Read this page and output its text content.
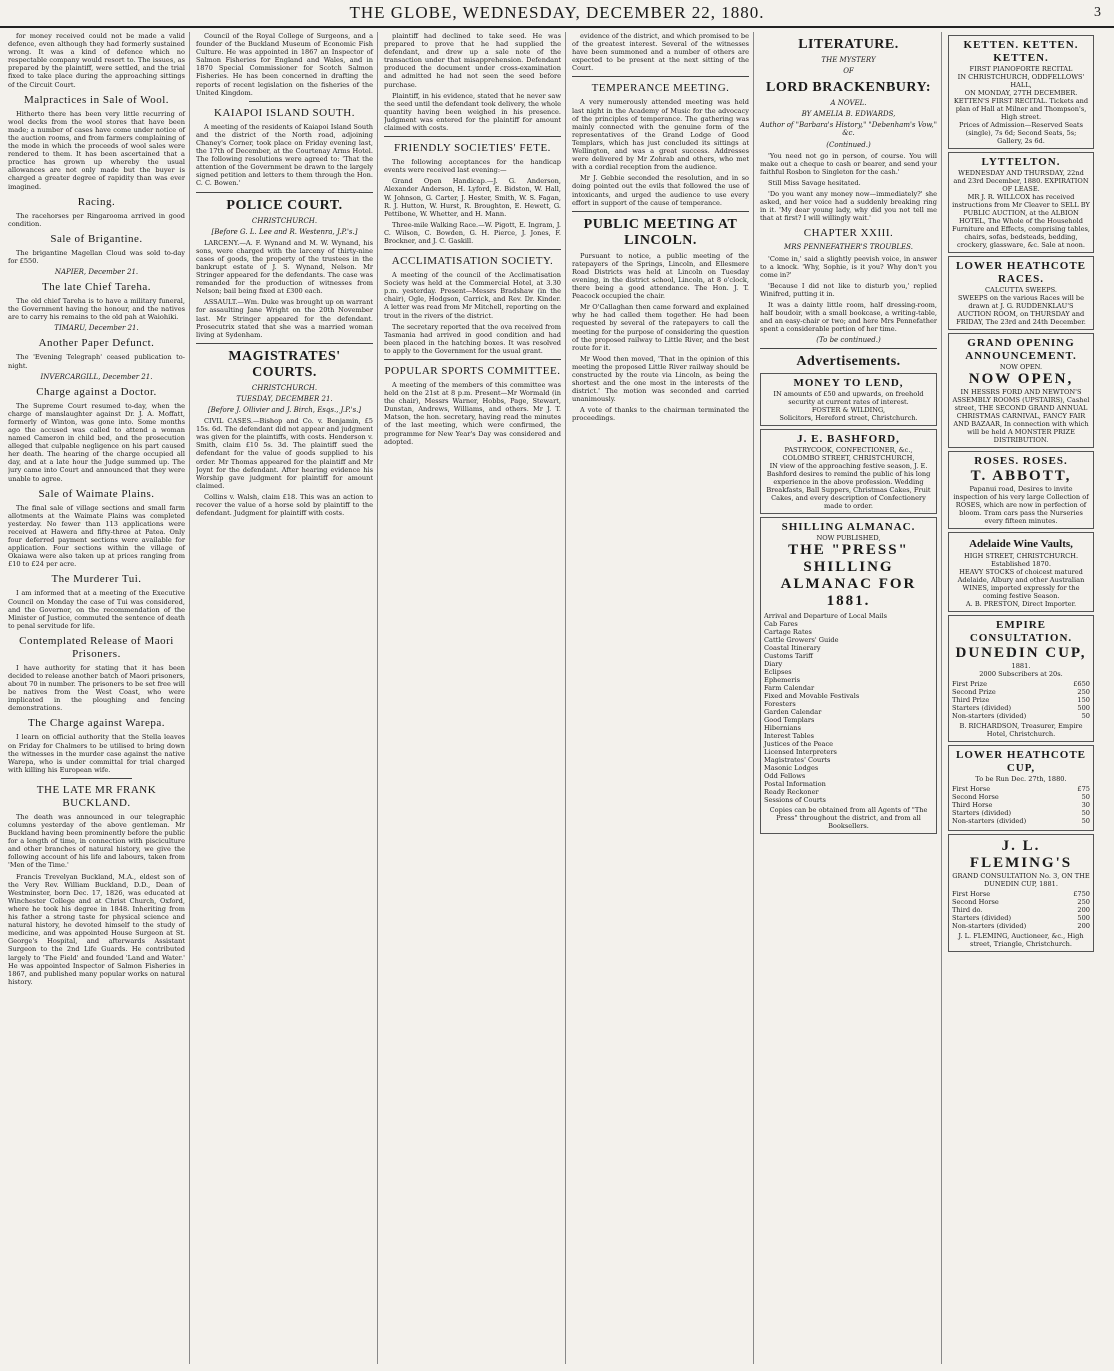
THE GLOBE, WEDNESDAY, DECEMBER 22, 1880.	3

for money received could not be made a valid defence, even although they had formerly sustained wrong. It was a kind of defence which no respectable company would resort to. The issues, as prepared by the plaintiff, were settled, and the trial fixed to take place during the approaching sittings of the Circuit Court.

Malpractices in Sale of Wool.

Hitherto there has been very little recurring of wool decks from the wool stores that have been made; a number of cases have come under notice of the auction rooms, and from farmers complaining of the mode in which the proceeds of wool sales were rendered to them. It has been ascertained that a practice has grown up whereby the usual allowances are not only made but the buyer is charged a greater degree of rapidity than was ever imagined.

Racing.

The racehorses per Ringarooma arrived in good condition.

Sale of Brigantine.

The brigantine Magellan Cloud was sold to-day for £550.

NAPIER, December 21.
The late Chief Tareha.

The old chief Tareha is to have a military funeral, the Government having the honour, and the natives are to carry his remains to the old pah at Waiohiki.

TIMARU, December 21.
Another Paper Defunct.

The 'Evening Telegraph' ceased publication to-night.

INVERCARGILL, December 21.
Charge against a Doctor.

The Supreme Court resumed to-day, when the charge of manslaughter against Dr. J. A. Moffatt, formerly of Winton, was gone into. Some months ago the accused was called to attend a woman named Cameron in child bed, and the prosecution alleged that culpable negligence on his part caused her death. The hearing of the charge occupied all day, and at a late hour the Judge summed up. The jury came into Court and announced that they were unable to agree.

Sale of Waimate Plains.

The final sale of village sections and small farm allotments at the Waimate Plains was completed yesterday. No fewer than 113 applications were received at Hawera and fifty-three at Patea. Only four deferred payment sections were available for application. Four sections within the village of Okaiawa were also taken up at prices ranging from £10 to £24 per acre.

The Murderer Tui.

I am informed that at a meeting of the Executive Council on Monday the case of Tui was considered, and the Governor, on the recommendation of the Minister of Justice, commuted the sentence of death to penal servitude for life.

Contemplated Release of Maori Prisoners.

I have authority for stating that it has been decided to release another batch of Maori prisoners, about 70 in number. The prisoners to be set free will be natives from the West Coast, who were implicated in the ploughing and fencing demonstrations.

The Charge against Warepa.

I learn on official authority that the Stella leaves on Friday for Chalmers to be utilised to bring down the witnesses in the murder case against the native Warepa, who is under committal for trial charged with killing his European wife.

THE LATE MR FRANK BUCKLAND.

The death was announced in our telegraphic columns yesterday of the above gentleman. Mr Buckland having been prominently before the public for a length of time, in connection with pisciculture and other branches of natural history, we give the following account of his life and labours, taken from 'Men of the Time.'

Francis Trevelyan Buckland, M.A., eldest son of the Very Rev. William Buckland, D.D., Dean of Westminster, born Dec. 17, 1826, was educated at Winchester College and at Christ Church, Oxford, where he took his degree in 1848. Inheriting from his father a strong taste for physical science and natural history, he devoted himself to the study of medicine, and was appointed House Surgeon at St. George's Hospital, and afterwards Assistant Surgeon to the 2nd Life Guards. He contributed largely to 'The Field' and founded 'Land and Water.' He was appointed Inspector of Salmon Fisheries in 1867, and published many popular works on natural history.

Council of the Royal College of Surgeons, and a founder of the Buckland Museum of Economic Fish Culture. He was appointed in 1867 an Inspector of Salmon Fisheries for England and Wales, and in 1870 Special Commissioner for Scotch Salmon Fisheries. He has been concerned in drafting the reports of recent legislation on the fisheries of the United Kingdom.

KAIAPOI ISLAND SOUTH.

A meeting of the residents of Kaiapoi Island South and the district of the North road, adjoining Chaney's Corner, took place on Friday evening last, the 17th of December, at the Courtenay Arms Hotel. The following resolutions were agreed to: 'That the attention of the Government be drawn to the largely signed petition and letters to them through the Hon. C. C. Bowen.'

POLICE COURT.
CHRISTCHURCH.
[Before G. L. Lee and R. Westenra, J.P.'s.]

LARCENY.—A. F. Wynand and M. W. Wynand, his sons, were charged with the larceny of thirty-nine cases of goods, the property of the trustees in the bankrupt estate of J. S. Wynand, Nelson. Mr Stringer appeared for the defendants. The case was remanded for the production of witnesses from Nelson; bail being fixed at £300 each.

ASSAULT.—Wm. Duke was brought up on warrant for assaulting Jane Wright on the 20th November last. Mr Stringer appeared for the defendant. Prosecutrix stated that she was a married woman living at Sydenham.

MAGISTRATES' COURTS.
CHRISTCHURCH.
TUESDAY, DECEMBER 21.
[Before J. Ollivier and J. Birch, Esqs., J.P.'s.]

CIVIL CASES.—Bishop and Co. v. Benjamin, £5 15s. 6d. The defendant did not appear and judgment was given for the plaintiffs, with costs. Henderson v. Smith, claim £10 5s. 3d. The plaintiff sued the defendant for the value of goods supplied to his order. Mr Thomas appeared for the plaintiff and Mr Joynt for the defendant. After hearing evidence his Worship gave judgment for plaintiff for amount claimed.

Collins v. Walsh, claim £18. This was an action to recover the value of a horse sold by plaintiff to the defendant. Judgment for plaintiff with costs.

plaintiff had declined to take seed. He was prepared to prove that he had supplied the defendant, and drew up a sale note of the transaction under that misapprehension. Defendant produced the document under cross-examination and admitted he had not seen the seed before purchase.

Plaintiff, in his evidence, stated that he never saw the seed until the defendant took delivery, the whole quantity having been weighed in his presence. Judgment was entered for the plaintiff for amount claimed with costs.

FRIENDLY SOCIETIES' FETE.

The following acceptances for the handicap events were received last evening:—

Grand Open Handicap.—J. G. Anderson, Alexander Anderson, H. Lyford, E. Bidston, W. Hall, W. Johnson, G. Carter, J. Hester, Smith, W. S. Fagan, R. J. Hutton, W. Hurst, R. Broughton, E. Hewett, G. Pettibone, W. Whetter, and H. Mann.

Three-mile Walking Race.—W. Pigott, E. Ingram, J. C. Wilson, C. Bowden, G. H. Pierce, J. Jones, F. Brockner, and J. C. Gaskill.

ACCLIMATISATION SOCIETY.

A meeting of the council of the Acclimatisation Society was held at the Commercial Hotel, at 3.30 p.m. yesterday. Present—Messrs Bradshaw (in the chair), Ogle, Hodgson, Carrick, and Rev. Dr. Kinder. A letter was read from Mr Mitchell, reporting on the trout in the rivers of the district.

The secretary reported that the ova received from Tasmania had arrived in good condition and had been placed in the hatching boxes. It was resolved to apply to the Government for the usual grant.

POPULAR SPORTS COMMITTEE.

A meeting of the members of this committee was held on the 21st at 8 p.m. Present—Mr Wormald (in the chair), Messrs Warner, Hobbs, Page, Stewart, Dunstan, Andrews, Williams, and others. Mr J. T. Matson, the hon. secretary, having read the minutes of the last meeting, which were confirmed, the programme for New Year's Day was considered and adopted.

evidence of the district, and which promised to be of the greatest interest. Several of the witnesses have been summoned and a number of others are expected to be present at the next sitting of the Court.

TEMPERANCE MEETING.

A very numerously attended meeting was held last night in the Academy of Music for the advocacy of the principles of temperance. The gathering was mainly connected with the genuine form of the representatives of the Grand Lodge of Good Templars, which has just concluded its sittings at Wellington, and was a great success. Addresses were delivered by Mr Zohrab and others, who met with a cordial reception from the audience.

Mr J. Gebbie seconded the resolution, and in so doing pointed out the evils that followed the use of intoxicants, and urged the audience to use every effort in support of the cause of temperance.

PUBLIC MEETING AT LINCOLN.

Pursuant to notice, a public meeting of the ratepayers of the Springs, Lincoln, and Ellesmere Road Districts was held at Lincoln on Tuesday evening, in the district school, Lincoln, at 8 o'clock, there being a good attendance. The Hon. J. T. Peacock occupied the chair.

Mr O'Callaghan then came forward and explained why he had called them together. He had been requested by several of the ratepayers to call the meeting for the purpose of considering the question of the proposed railway to Little River, and the best route for it.

Mr Wood then moved, 'That in the opinion of this meeting the proposed Little River railway should be constructed by the route via Lincoln, as being the shortest and the one most in the interests of the district.' The motion was seconded and carried unanimously.

A vote of thanks to the chairman terminated the proceedings.

LITERATURE.
THE MYSTERY
OF
LORD BRACKENBURY:
A NOVEL.
BY AMELIA B. EDWARDS,
Author of "Barbara's History," "Debenham's Vow," &c.
(Continued.)

'You need not go in person, of course. You will make out a cheque to cash or bearer, and send your faithful Rosbon to Singleton for the cash.'

Still Miss Savage hesitated.

'Do you want any money now—immediately?' she asked, and her voice had a suddenly breaking ring in it. 'My dear young lady, why did you not tell me that at first? I will willingly wait.'

CHAPTER XXIII.
MRS PENNEFATHER'S TROUBLES.

'Come in,' said a slightly peevish voice, in answer to a knock. 'Why, Sophie, is it you? Why don't you come in?'

'Because I did not like to disturb you,' replied Winifred, putting it in.

It was a dainty little room, half dressing-room, half boudoir, with a small bookcase, a writing-table, and an easy-chair or two; and here Mrs Pennefather spent a considerable portion of her time.

(To be continued.)
Advertisements.
MONEY TO LEND,
IN amounts of £50 and upwards, on freehold security at current rates of interest.
FOSTER & WILDING,
Solicitors, Hereford street, Christchurch.
J. E. BASHFORD,
PASTRYCOOK, CONFECTIONER, &c.,
COLOMBO STREET, CHRISTCHURCH,
IN view of the approaching festive season, J. E. Bashford desires to remind the public of his long experience in the above profession. Wedding Breakfasts, Ball Suppers, Christmas Cakes, Fruit Cakes, and every description of Confectionery made to order.
SHILLING ALMANAC.
NOW PUBLISHED,
THE "PRESS" SHILLING ALMANAC FOR 1881.
Arrival and Departure of Local Mails
Cab Fares
Cartage Rates
Cattle Growers' Guide
Coastal Itinerary
Customs Tariff
Diary
Eclipses
Ephemeris
Farm Calendar
Fixed and Movable Festivals
Foresters
Garden Calendar
Good Templars
Hibernians
Interest Tables
Justices of the Peace
Licensed Interpreters
Magistrates' Courts
Masonic Lodges
Odd Fellows
Postal Information
Ready Reckoner
Sessions of Courts
Copies can be obtained from all Agents of "The Press" throughout the district, and from all Booksellers.
KETTEN. KETTEN. KETTEN.
FIRST PIANOFORTE RECITAL
IN CHRISTCHURCH, ODDFELLOWS' HALL,
ON MONDAY, 27TH DECEMBER.
KETTEN'S FIRST RECITAL. Tickets and plan of Hall at Milner and Thompson's, High street.
Prices of Admission—Reserved Seats (single), 7s 6d; Second Seats, 5s; Gallery, 2s 6d.
LYTTELTON.
WEDNESDAY AND THURSDAY, 22nd and 23rd December, 1880. EXPIRATION OF LEASE.
MR J. R. WILLCOX has received instructions from Mr Cleaver to SELL BY PUBLIC AUCTION, at the ALBION HOTEL, The Whole of the Household Furniture and Effects, comprising tables, chairs, sofas, bedsteads, bedding, crockery, glassware, &c. Sale at noon.
LOWER HEATHCOTE RACES.
CALCUTTA SWEEPS.
SWEEPS on the various Races will be drawn at J. G. RUDDENKLAU'S AUCTION ROOM, on THURSDAY and FRIDAY, The 23rd and 24th December.
GRAND OPENING ANNOUNCEMENT.
NOW OPEN.
NOW OPEN,
IN HESSRS FORD AND NEWTON'S ASSEMBLY ROOMS (UPSTAIRS), Cashel street, THE SECOND GRAND ANNUAL CHRISTMAS CARNIVAL, FANCY FAIR AND BAZAAR, In connection with which will be held A MONSTER PRIZE DISTRIBUTION.
ROSES. ROSES.
T. ABBOTT,
Papanui road, Desires to invite inspection of his very large Collection of ROSES, which are now in perfection of bloom. Tram cars pass the Nurseries every fifteen minutes.
Adelaide Wine Vaults,
HIGH STREET, CHRISTCHURCH.
Established 1870.
HEAVY STOCKS of choicest matured Adelaide, Albury and other Australian WINES, imported expressly for the coming festive Season.
A. B. PRESTON, Direct Importer.
EMPIRE CONSULTATION.
DUNEDIN CUP,
1881.
2000 Subscribers at 20s.
First Prize	£650
Second Prize	250
Third Prize	150
Starters (divided)	500
Non-starters (divided)	50
B. RICHARDSON, Treasurer, Empire Hotel, Christchurch.
LOWER HEATHCOTE CUP,
To be Run Dec. 27th, 1880.
First Horse	£75
Second Horse	50
Third Horse	30
Starters (divided)	50
Non-starters (divided)	50
J. L. FLEMING'S
GRAND CONSULTATION No. 3, ON THE DUNEDIN CUP, 1881.
First Horse	£750
Second Horse	250
Third do.	200
Starters (divided)	500
Non-starters (divided)	200
J. L. FLEMING, Auctioneer, &c., High street, Triangle, Christchurch.
